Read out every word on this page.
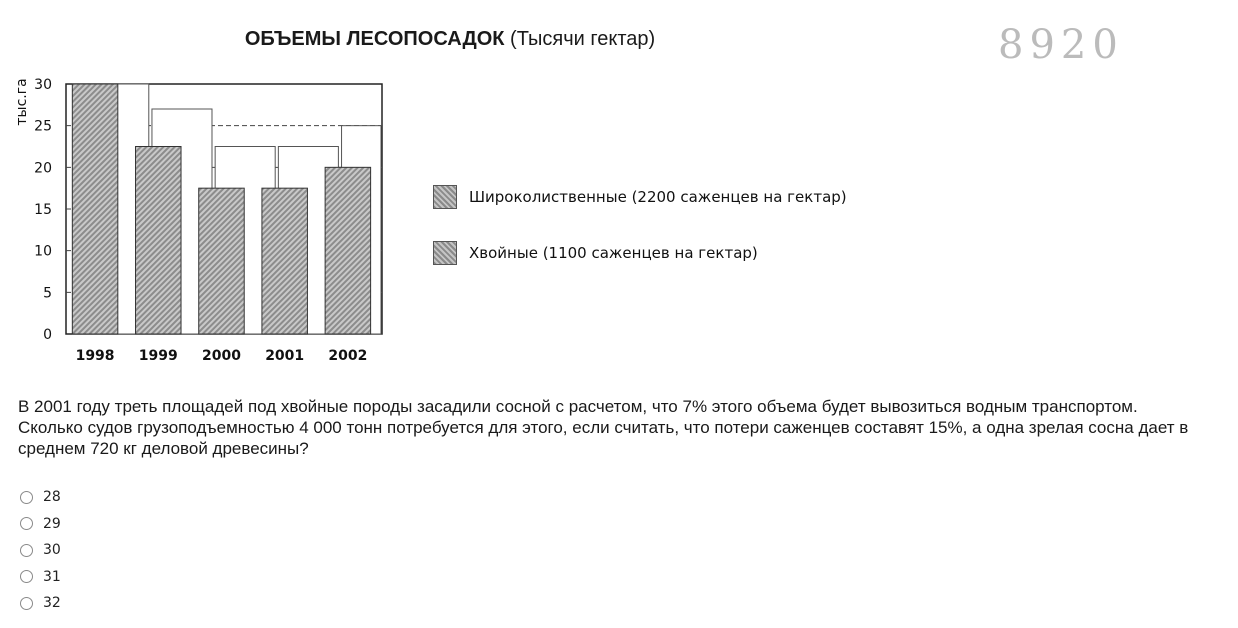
ОБЪЕМЫ ЛЕСОПОСАДОК (Тысячи гектар)	8920
0
5
10
15
20
25
30
тыс.га
1998 1999 2000 2001 2002
Широколиственные (2200 саженцев на гектар)
Хвойные (1100 саженцев на гектар)
В 2001 году треть площадей под хвойные породы засадили сосной с расчетом, что 7% этого объема будет вывозиться водным транспортом. Сколько судов грузоподъемностью 4 000 тонн потребуется для этого, если считать, что потери саженцев составят 15%, а одна зрелая сосна дает в среднем 720 кг деловой древесины?
28
29
30
31
32
